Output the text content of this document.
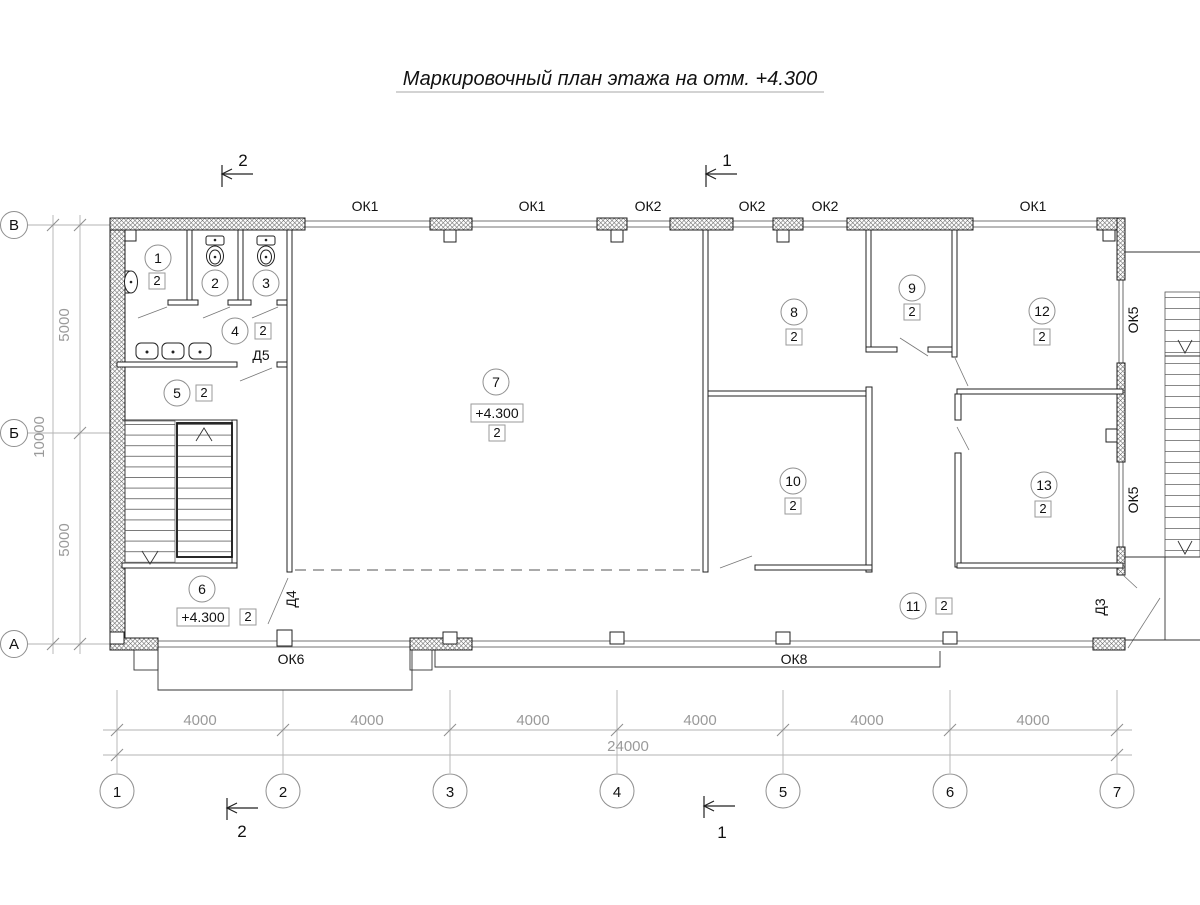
Маркировочный план этажа на отм. +4.300
5000
5000
10000
4000	4000	4000	4000	4000	4000
24000
В
Б
А
1	2	3	4	5	6	7
2	1
2	1
ОК1	ОК1	ОК2	ОК2	ОК2	ОК1
ОК5
ОК5
ОК6	ОК8
Д5
Д4	Д3
1
2	2	3
4 2
5 2
6
+4.300 2
7
+4.300
2
8
2
9
2
10
2
11 2
12
2
13
2
